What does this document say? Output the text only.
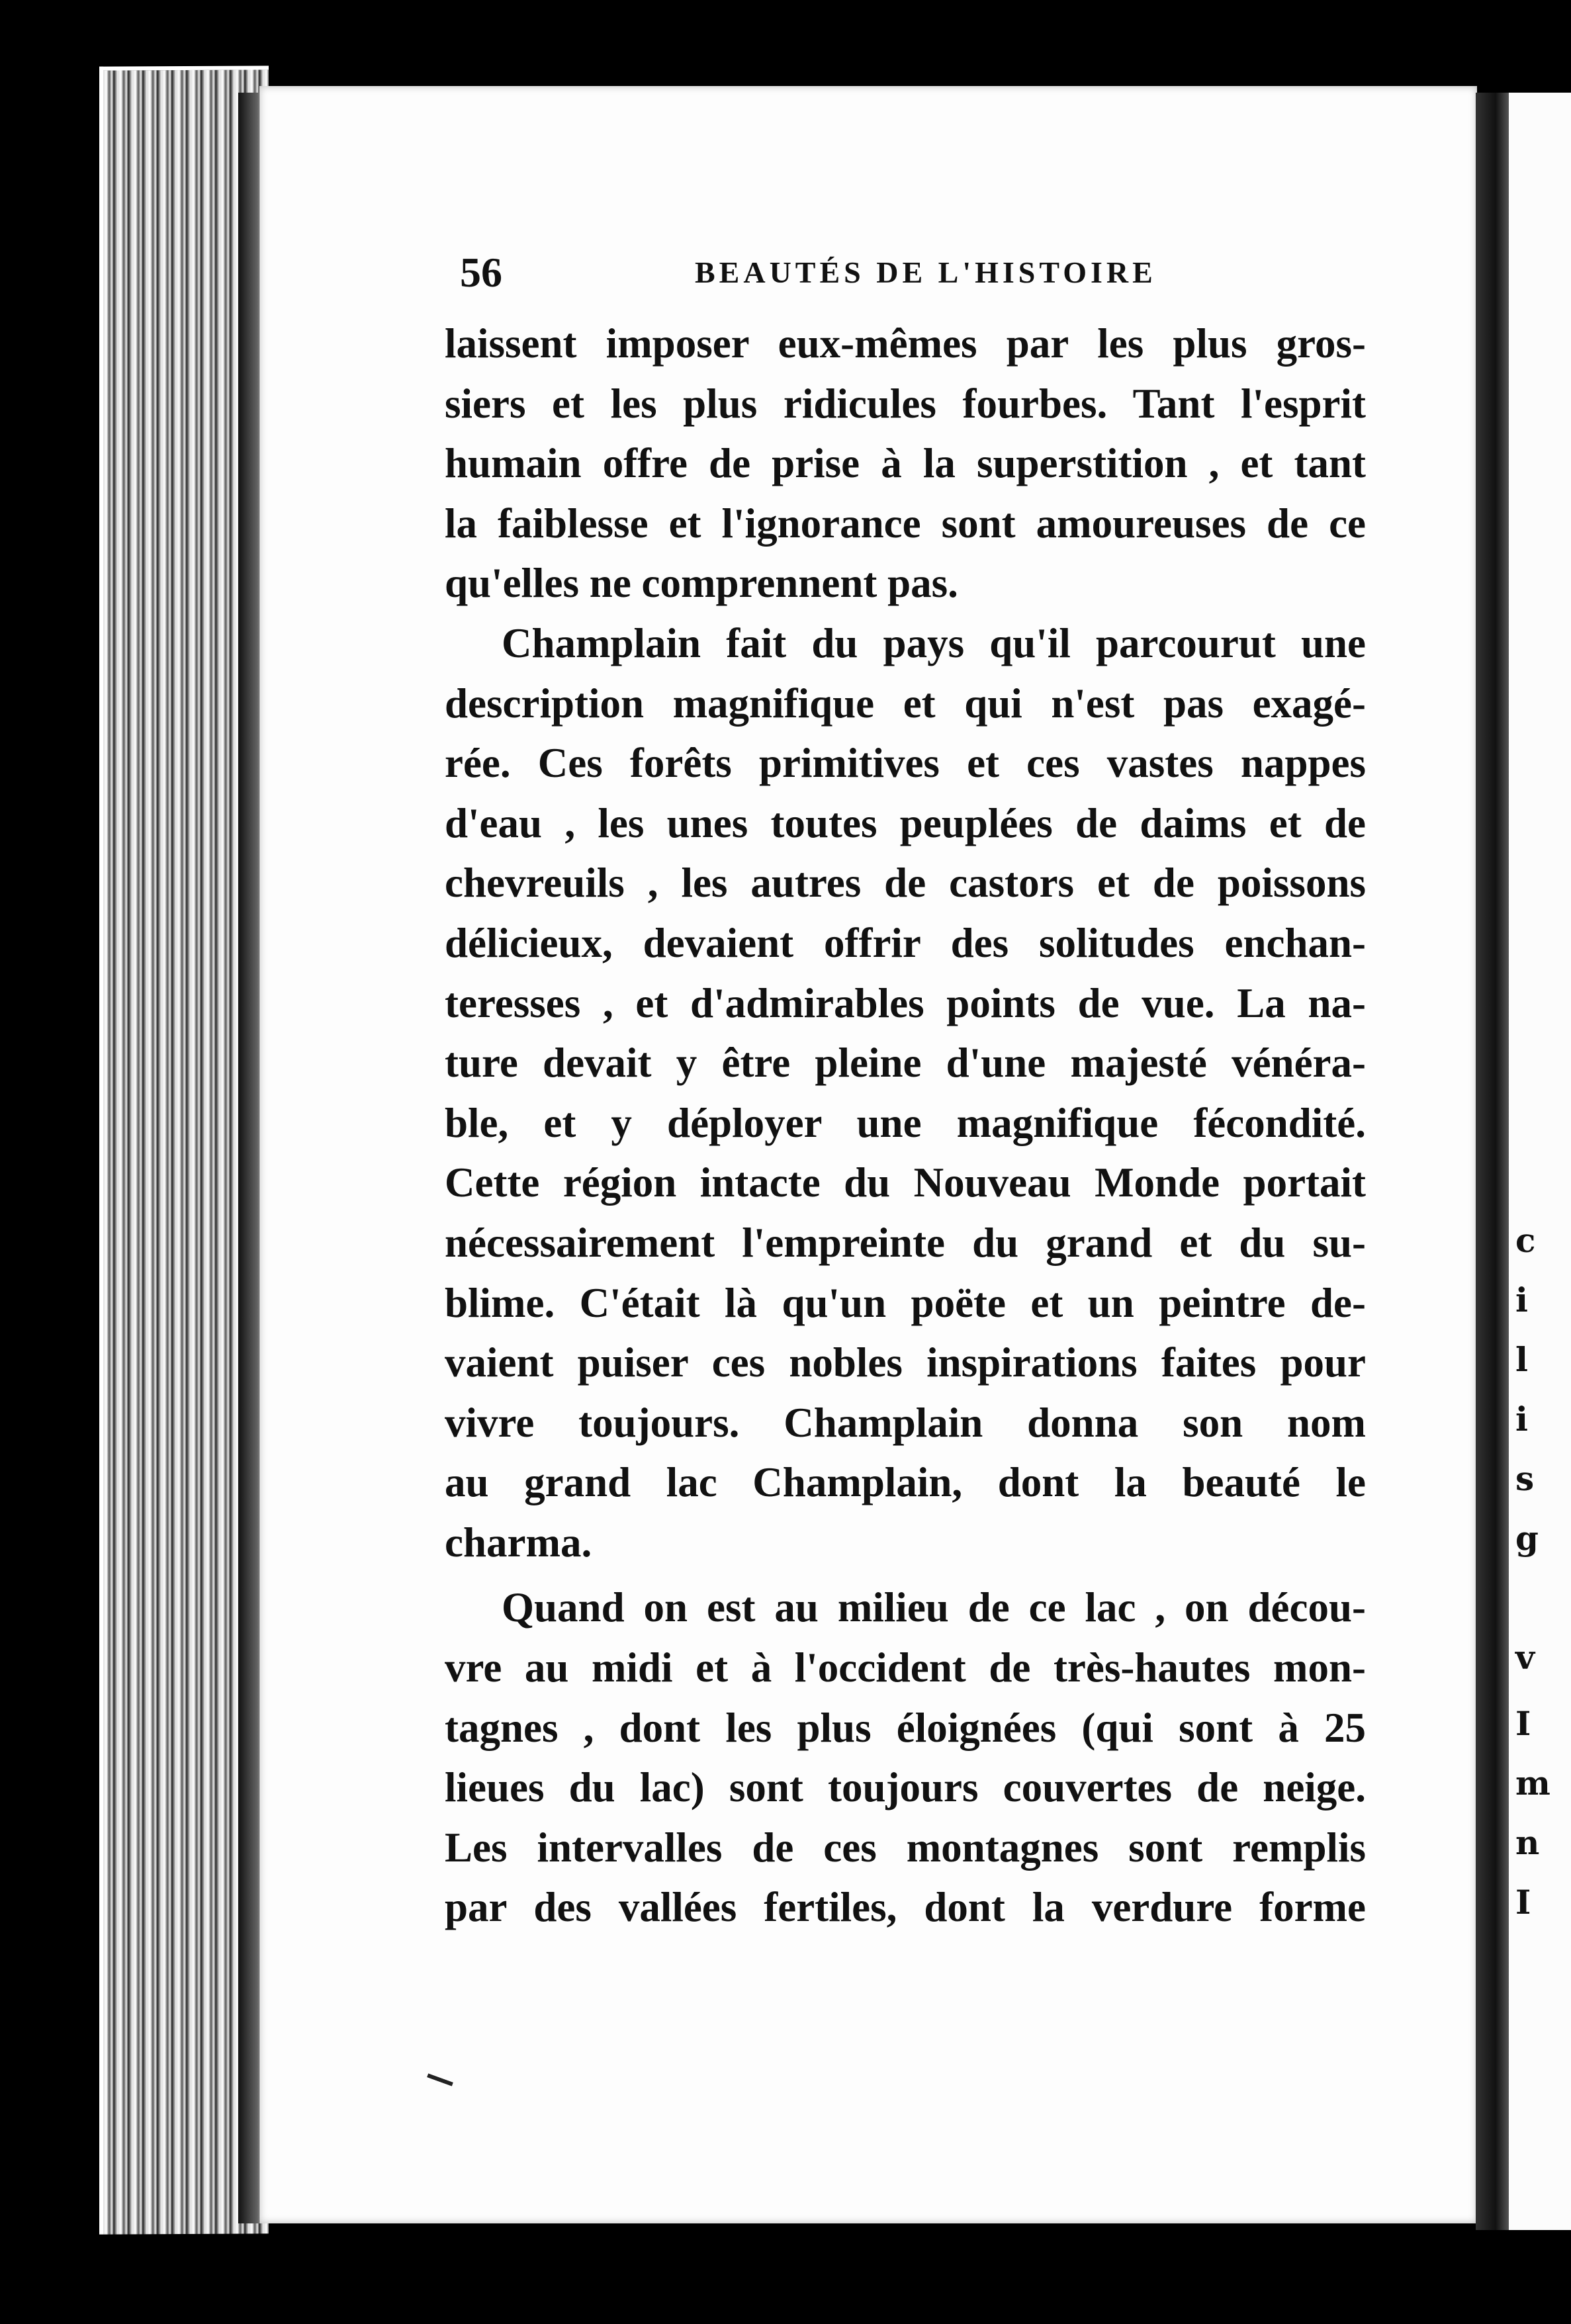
c
i
l
i
s
g
v
I
m
n
I
56	BEAUTÉS DE L'HISTOIRE
laissent imposer eux-mêmes par les plus gros-
siers et les plus ridicules fourbes. Tant l'esprit
humain offre de prise à la superstition , et tant
la faiblesse et l'ignorance sont amoureuses de ce
qu'elles ne comprennent pas.
Champlain fait du pays qu'il parcourut une
description magnifique et qui n'est pas exagé-
rée. Ces forêts primitives et ces vastes nappes
d'eau , les unes toutes peuplées de daims et de
chevreuils , les autres de castors et de poissons
délicieux, devaient offrir des solitudes enchan-
teresses , et d'admirables points de vue. La na-
ture devait y être pleine d'une majesté vénéra-
ble, et y déployer une magnifique fécondité.
Cette région intacte du Nouveau Monde portait
nécessairement l'empreinte du grand et du su-
blime. C'était là qu'un poëte et un peintre de-
vaient puiser ces nobles inspirations faites pour
vivre toujours. Champlain donna son nom
au grand lac Champlain, dont la beauté le
charma.
Quand on est au milieu de ce lac , on décou-
vre au midi et à l'occident de très-hautes mon-
tagnes , dont les plus éloignées (qui sont à 25
lieues du lac) sont toujours couvertes de neige.
Les intervalles de ces montagnes sont remplis
par des vallées fertiles, dont la verdure forme
